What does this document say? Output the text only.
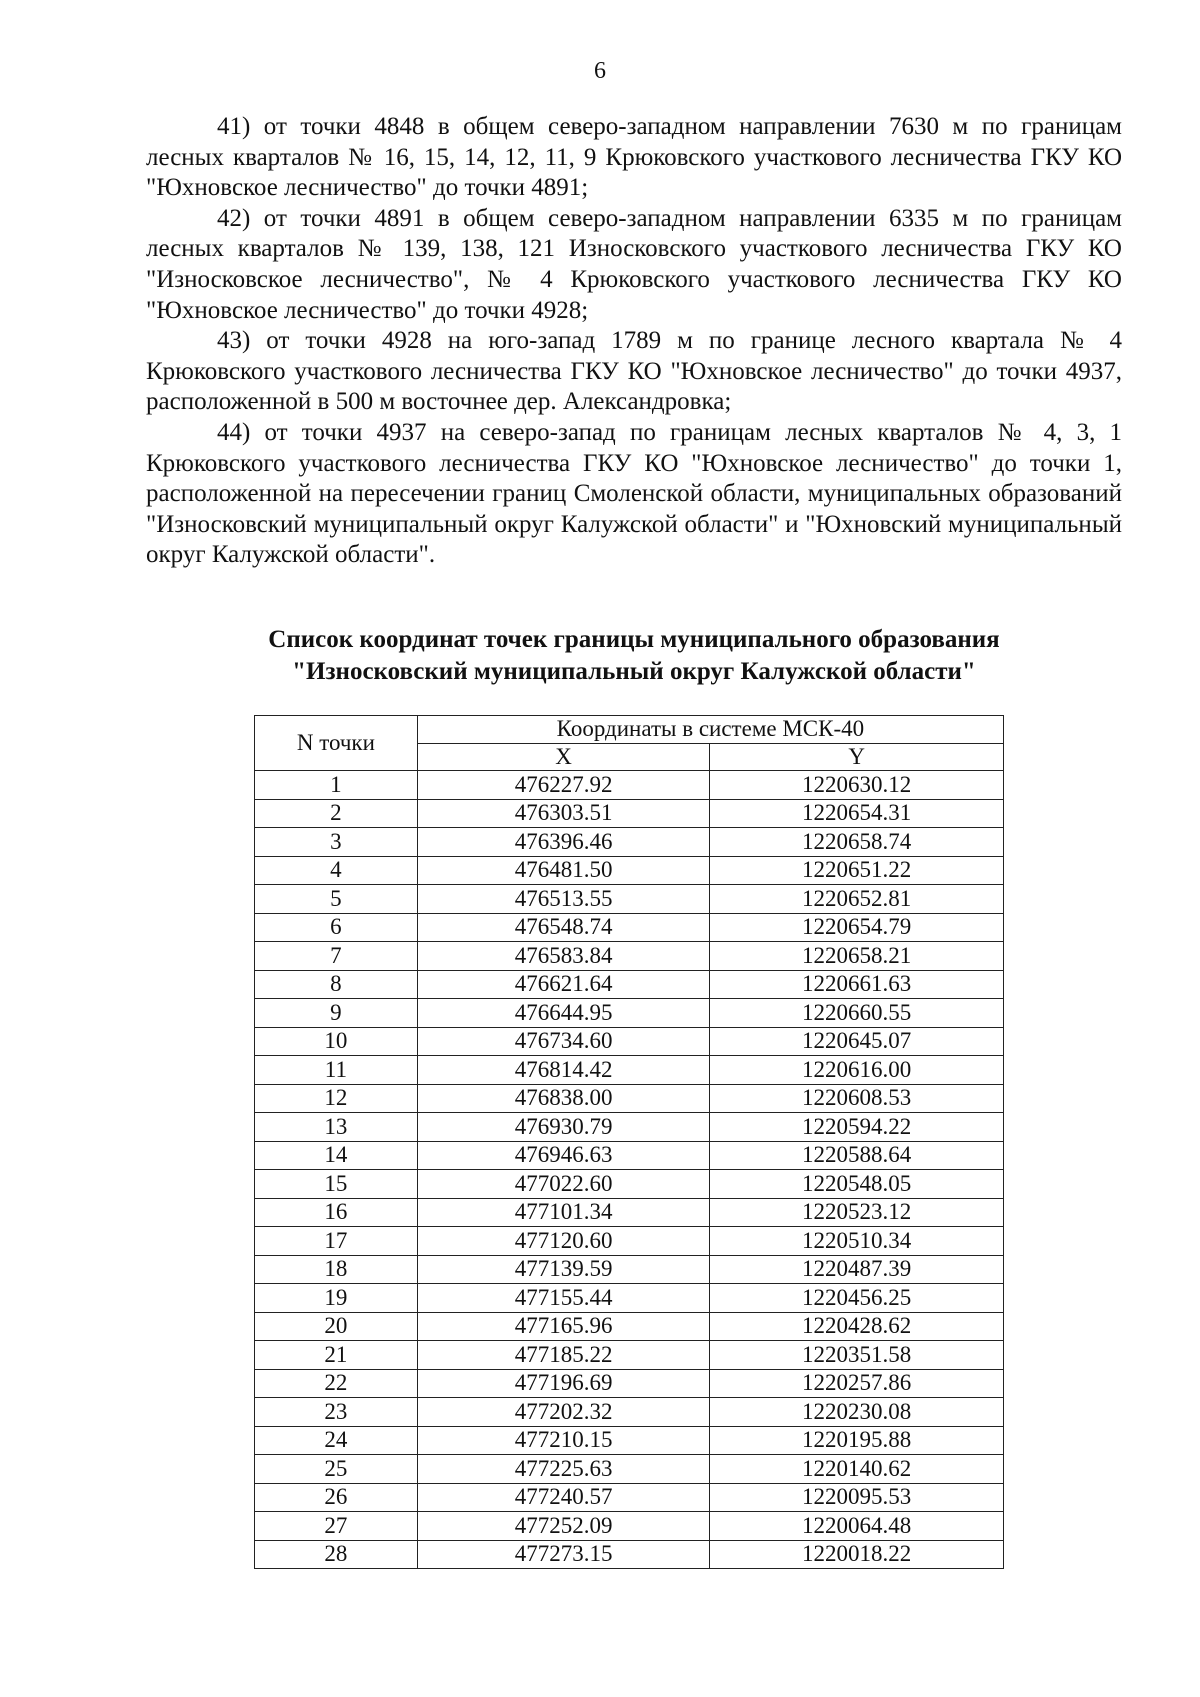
6

41) от точки 4848 в общем северо-западном направлении 7630 м по границам лесных кварталов № 16, 15, 14, 12, 11, 9 Крюковского участкового лесничества ГКУ КО "Юхновское лесничество" до точки 4891;

42) от точки 4891 в общем северо-западном направлении 6335 м по границам лесных кварталов № 139, 138, 121 Износковского участкового лесничества ГКУ КО "Износковское лесничество", № 4 Крюковского участкового лесничества ГКУ КО "Юхновское лесничество" до точки 4928;

43) от точки 4928 на юго-запад 1789 м по границе лесного квартала № 4 Крюковского участкового лесничества ГКУ КО "Юхновское лесничество" до точки 4937, расположенной в 500 м восточнее дер. Александровка;

44) от точки 4937 на северо-запад по границам лесных кварталов № 4, 3, 1 Крюковского участкового лесничества ГКУ КО "Юхновское лесничество" до точки 1, расположенной на пересечении границ Смоленской области, муниципальных образований "Износковский муниципальный округ Калужской области" и "Юхновский муниципальный округ Калужской области".

Список координат точек границы муниципального образования
"Износковский муниципальный округ Калужской области"
N точки	Координаты в системе МСК-40	
	X	Y
1	476227.92	1220630.12
2	476303.51	1220654.31
3	476396.46	1220658.74
4	476481.50	1220651.22
5	476513.55	1220652.81
6	476548.74	1220654.79
7	476583.84	1220658.21
8	476621.64	1220661.63
9	476644.95	1220660.55
10	476734.60	1220645.07
11	476814.42	1220616.00
12	476838.00	1220608.53
13	476930.79	1220594.22
14	476946.63	1220588.64
15	477022.60	1220548.05
16	477101.34	1220523.12
17	477120.60	1220510.34
18	477139.59	1220487.39
19	477155.44	1220456.25
20	477165.96	1220428.62
21	477185.22	1220351.58
22	477196.69	1220257.86
23	477202.32	1220230.08
24	477210.15	1220195.88
25	477225.63	1220140.62
26	477240.57	1220095.53
27	477252.09	1220064.48
28	477273.15	1220018.22
